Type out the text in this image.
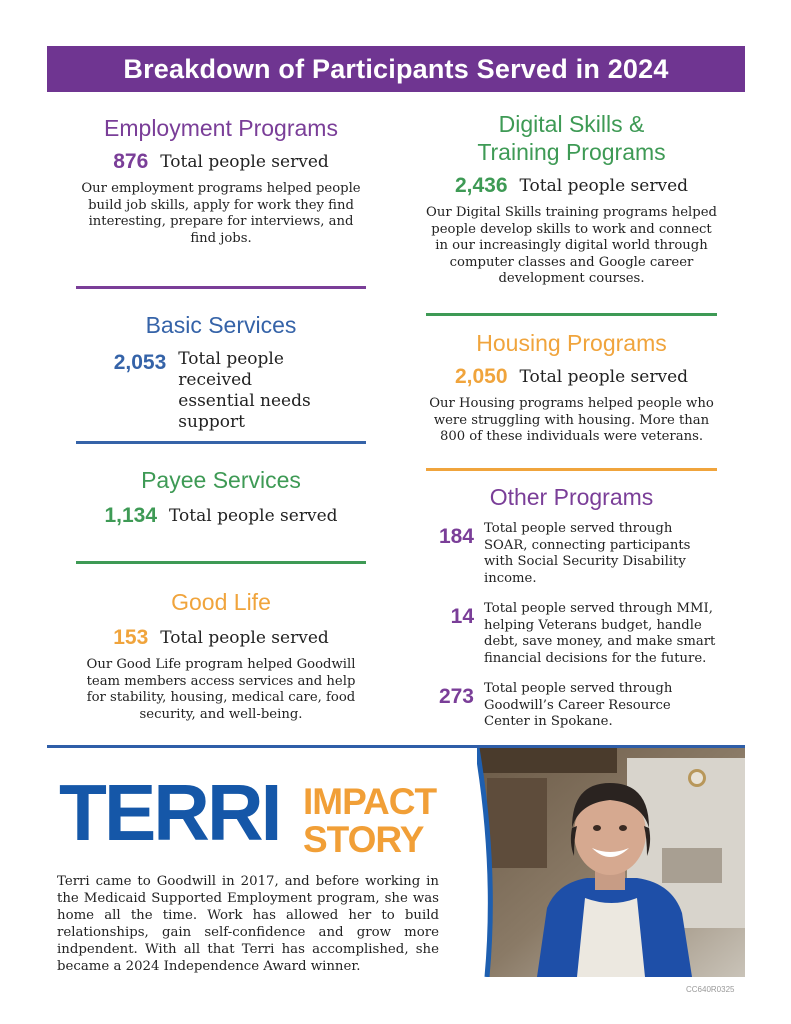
Breakdown of Participants Served in 2024
Employment Programs
876 Total people served
Our employment programs helped people build job skills, apply for work they find interesting, prepare for interviews, and find jobs.
Basic Services
2,053 Total people received essential needs support
Payee Services
1,134 Total people served
Good Life
153 Total people served
Our Good Life program helped Goodwill team members access services and help for stability, housing, medical care, food security, and well-being.
Digital Skills &
Training Programs
2,436 Total people served
Our Digital Skills training programs helped people develop skills to work and connect in our increasingly digital world through computer classes and Google career development courses.
Housing Programs
2,050 Total people served
Our Housing programs helped people who were struggling with housing. More than 800 of these individuals were veterans.
Other Programs
184 Total people served through SOAR, connecting participants with Social Security Disability income.
14 Total people served through MMI, helping Veterans budget, handle debt, save money, and make smart financial decisions for the future.
273 Total people served through Goodwill’s Career Resource Center in Spokane.
TERRI IMPACT
STORY
Terri came to Goodwill in 2017, and before working in the Medicaid Supported Employment program, she was home all the time. Work has allowed her to build relationships, gain self-confidence and grow more indpendent. With all that Terri has accomplished, she became a 2024 Independence Award winner.
CC640R0325
